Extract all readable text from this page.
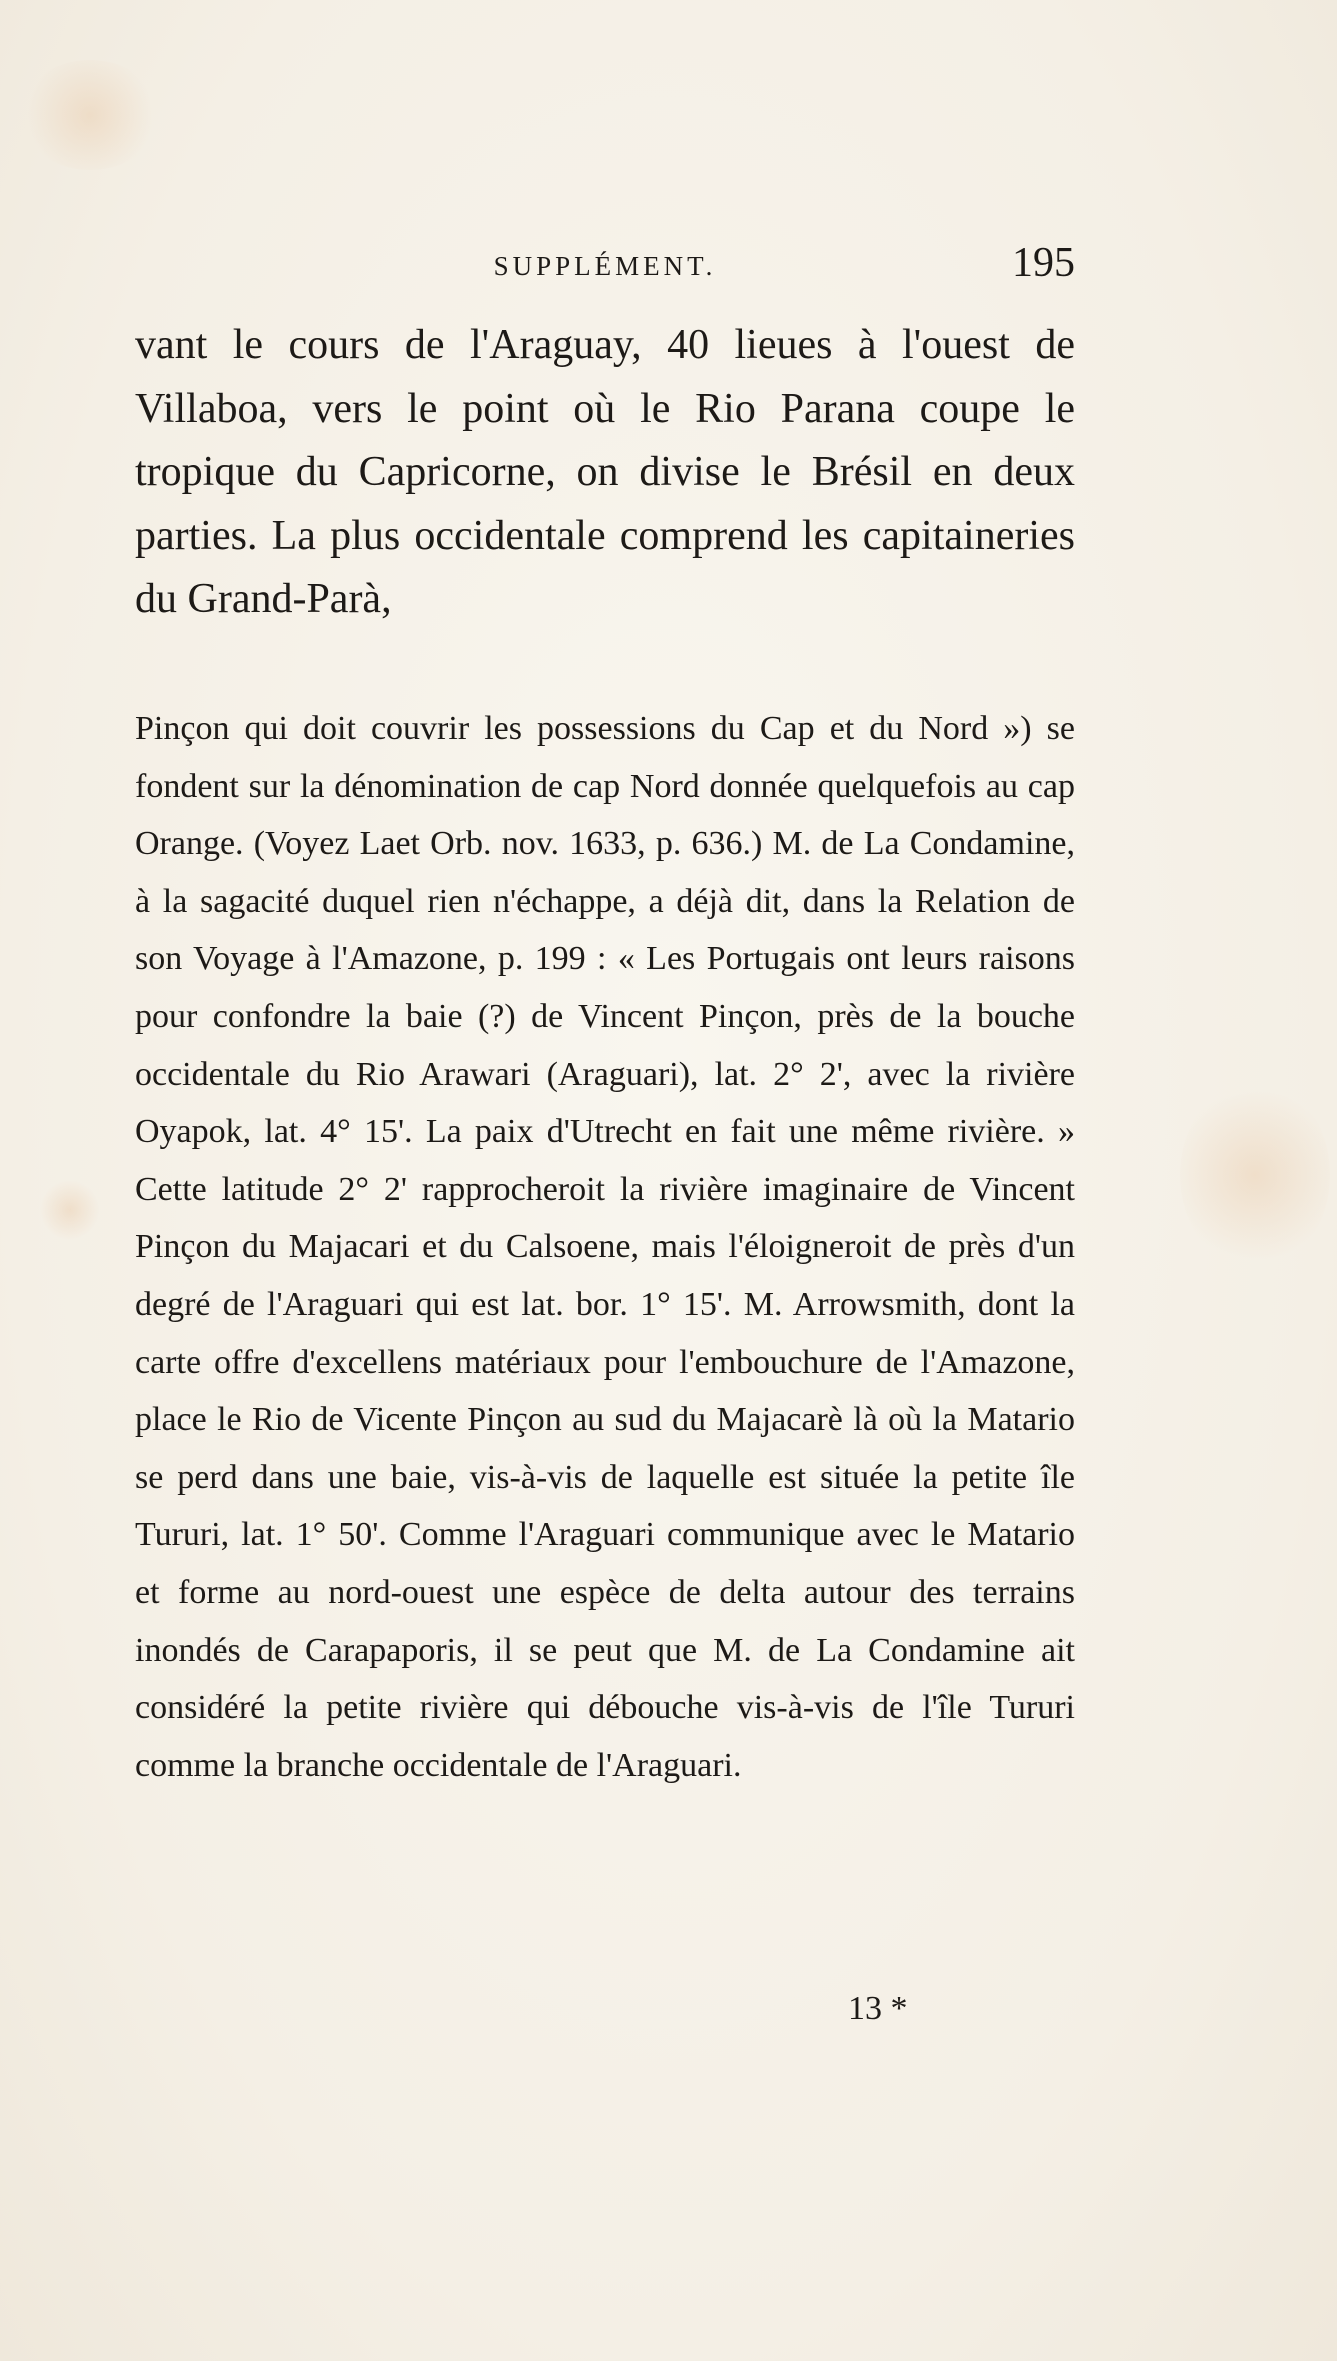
SUPPLÉMENT.	195

vant le cours de l'Araguay, 40 lieues à l'ouest de Villaboa, vers le point où le Rio Parana coupe le tropique du Capricorne, on divise le Brésil en deux parties. La plus occidentale comprend les capitaineries du Grand-Parà,

Pinçon qui doit couvrir les possessions du Cap et du Nord ») se fondent sur la dénomination de cap Nord donnée quelquefois au cap Orange. (Voyez Laet Orb. nov. 1633, p. 636.) M. de La Condamine, à la sagacité duquel rien n'échappe, a déjà dit, dans la Relation de son Voyage à l'Amazone, p. 199 : « Les Portugais ont leurs raisons pour confondre la baie (?) de Vincent Pinçon, près de la bouche occidentale du Rio Arawari (Araguari), lat. 2° 2', avec la rivière Oyapok, lat. 4° 15'. La paix d'Utrecht en fait une même rivière. » Cette latitude 2° 2' rapprocheroit la rivière imaginaire de Vincent Pinçon du Majacari et du Calsoene, mais l'éloigneroit de près d'un degré de l'Araguari qui est lat. bor. 1° 15'. M. Arrowsmith, dont la carte offre d'excellens matériaux pour l'embouchure de l'Amazone, place le Rio de Vicente Pinçon au sud du Majacarè là où la Matario se perd dans une baie, vis-à-vis de laquelle est située la petite île Tururi, lat. 1° 50'. Comme l'Araguari communique avec le Matario et forme au nord-ouest une espèce de delta autour des terrains inondés de Carapaporis, il se peut que M. de La Condamine ait considéré la petite rivière qui débouche vis-à-vis de l'île Tururi comme la branche occidentale de l'Araguari.

13 *
